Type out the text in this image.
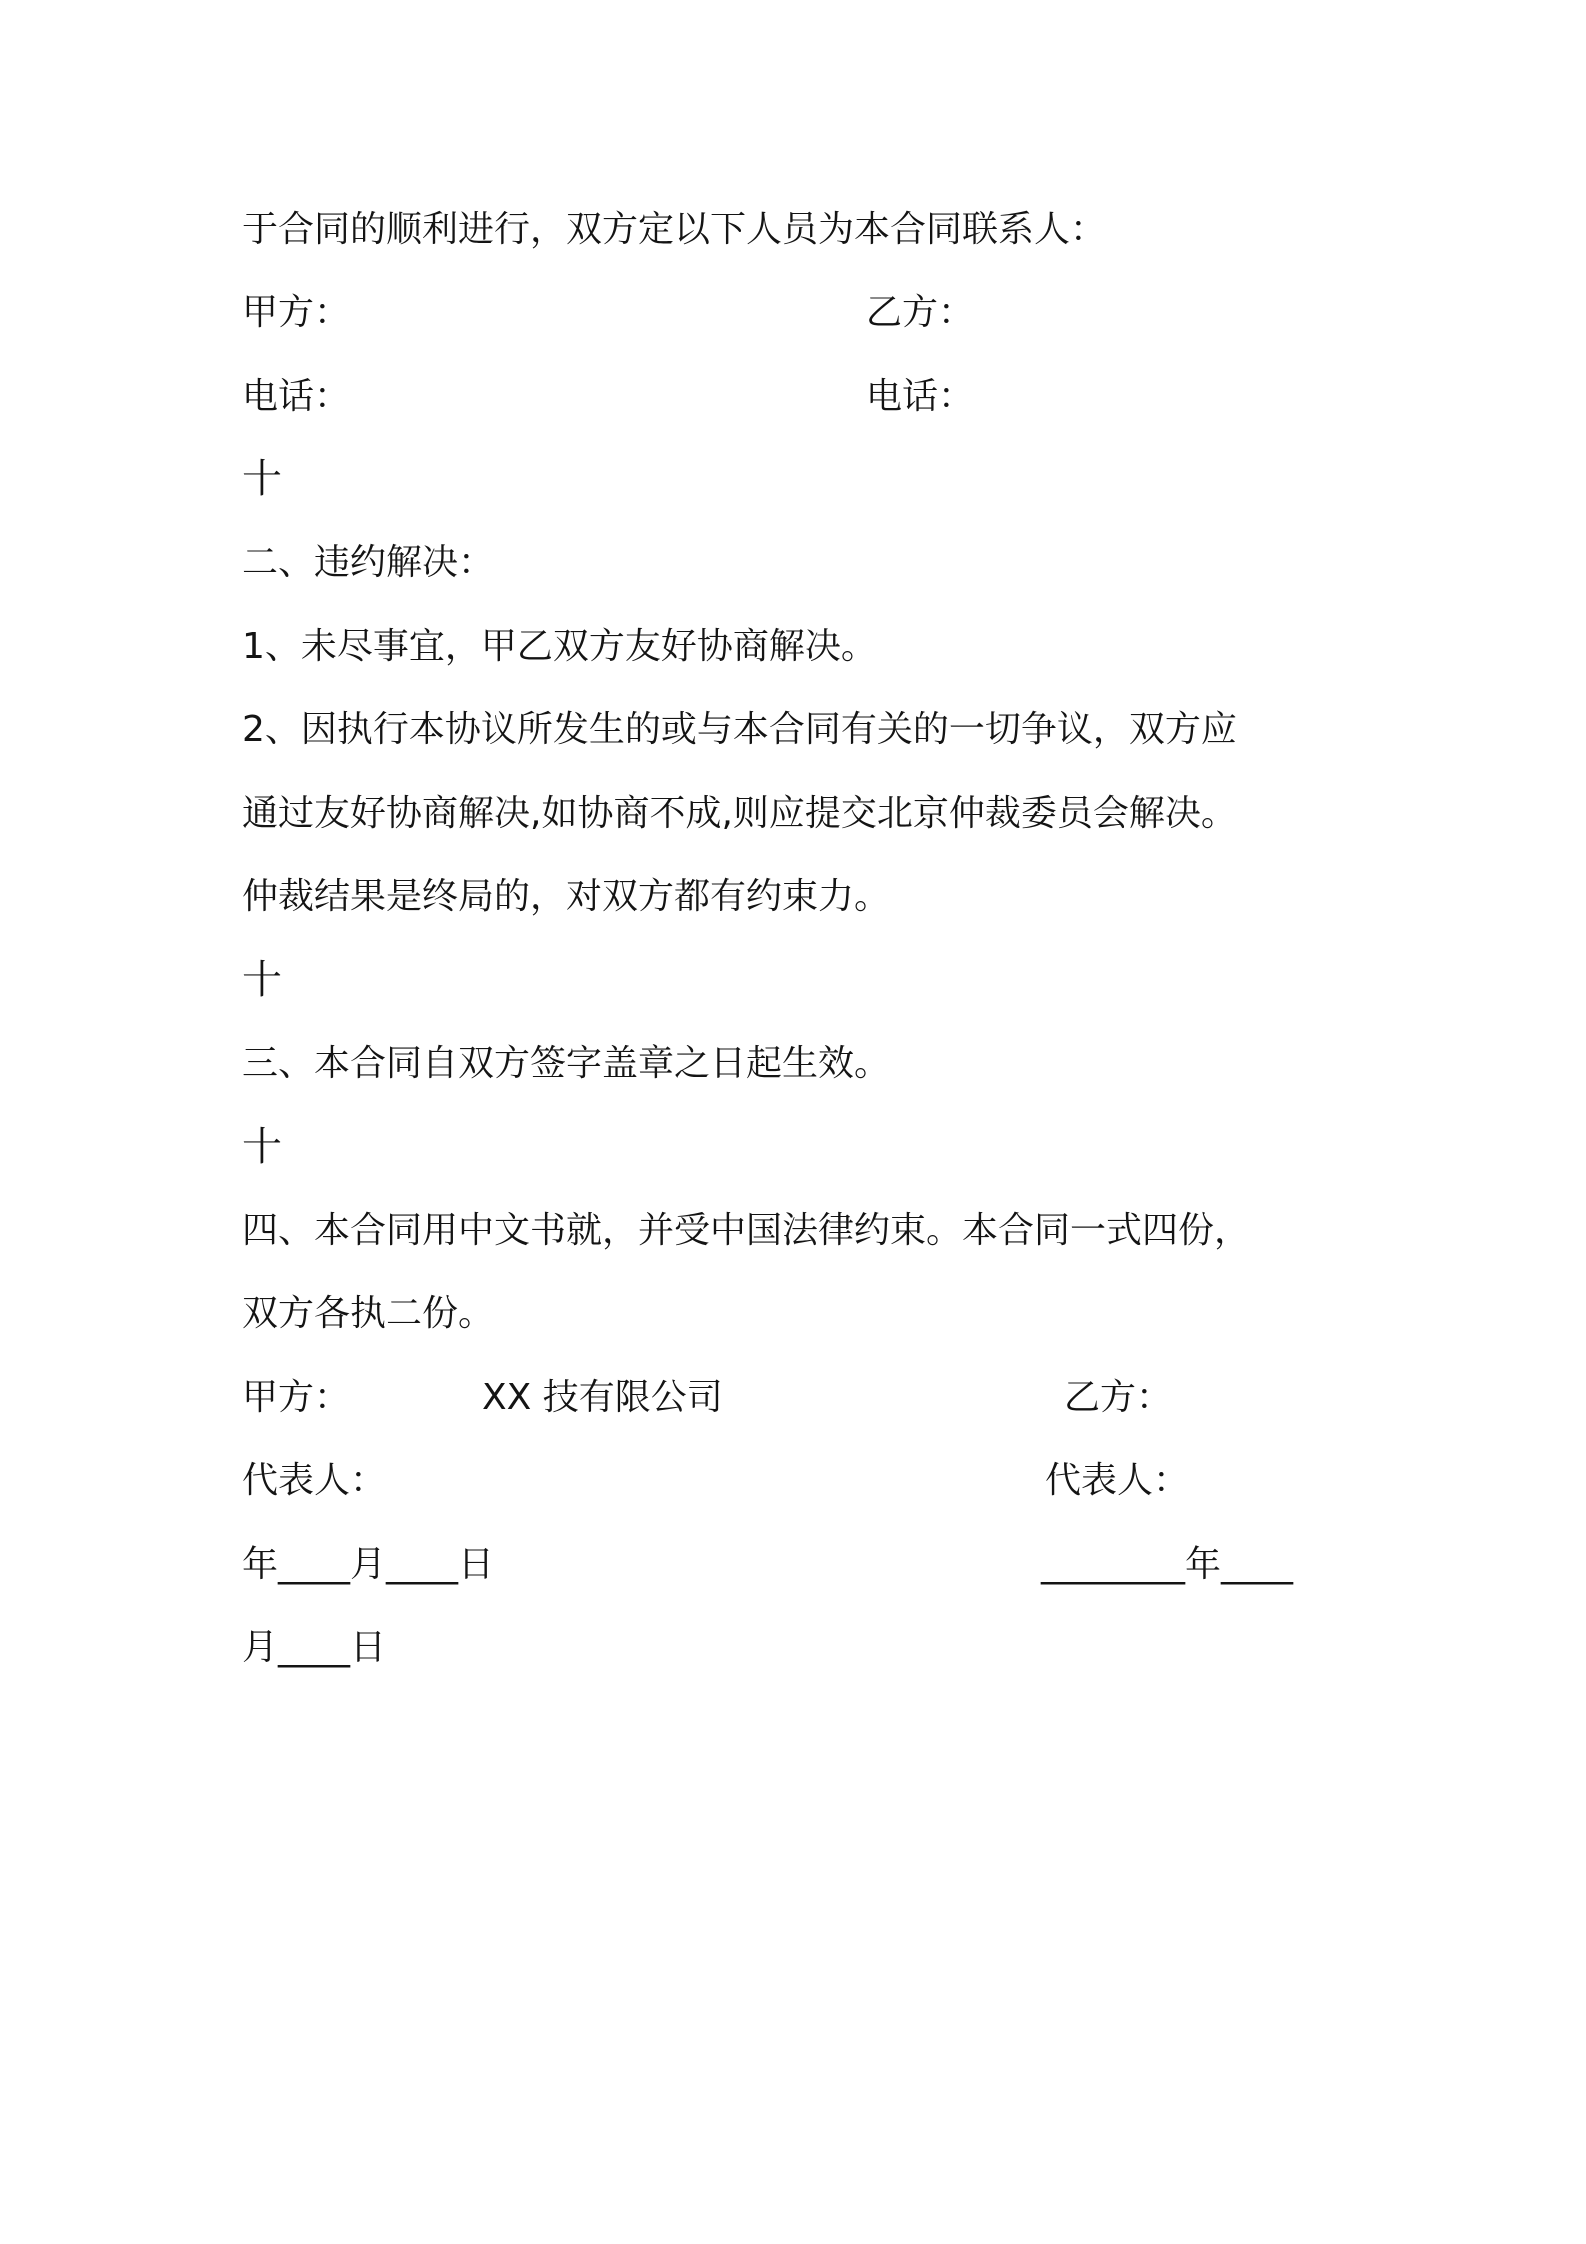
于合同的顺利进行，双方定以下人员为本合同联系人：
甲方：	乙方：
电话：	电话：
十
二、违约解决：
1、未尽事宜，甲乙双方友好协商解决。
2、因执行本协议所发生的或与本合同有关的一切争议，双方应
通过友好协商解决,如协商不成,则应提交北京仲裁委员会解决。
仲裁结果是终局的，对双方都有约束力。
十
三、本合同自双方签字盖章之日起生效。
十
四、本合同用中文书就，并受中国法律约束。本合同一式四份，
双方各执二份。
甲方：	XX 技有限公司	乙方：
代表人：	代表人：
年____月____日	________年____
月____日
